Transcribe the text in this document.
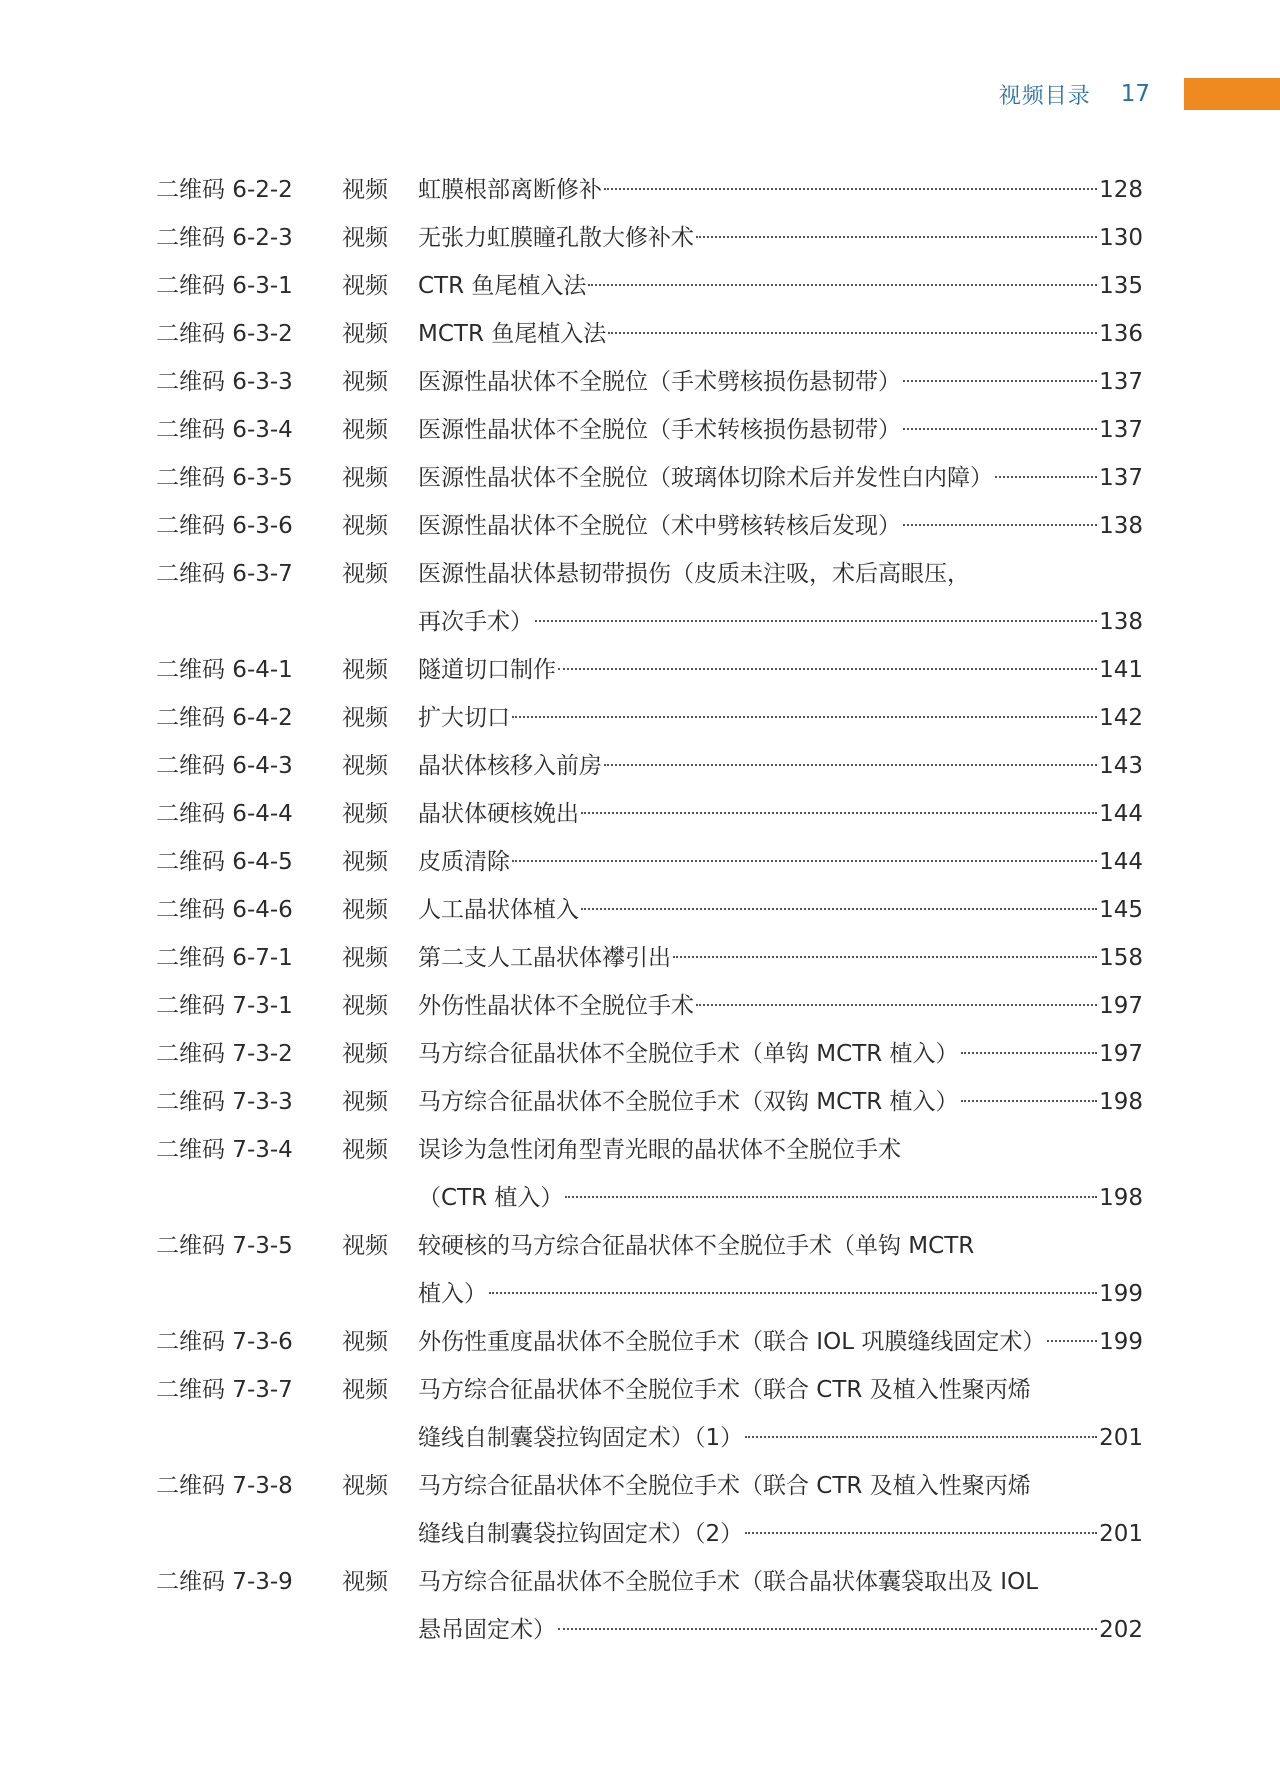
视频目录 17
二维码 6-2-2	视频	虹膜根部离断修补	128
二维码 6-2-3	视频	无张力虹膜瞳孔散大修补术	130
二维码 6-3-1	视频	CTR 鱼尾植入法	135
二维码 6-3-2	视频	MCTR 鱼尾植入法	136
二维码 6-3-3	视频	医源性晶状体不全脱位（手术劈核损伤悬韧带）	137
二维码 6-3-4	视频	医源性晶状体不全脱位（手术转核损伤悬韧带）	137
二维码 6-3-5	视频	医源性晶状体不全脱位（玻璃体切除术后并发性白内障）	137
二维码 6-3-6	视频	医源性晶状体不全脱位（术中劈核转核后发现）	138
二维码 6-3-7	视频	医源性晶状体悬韧带损伤（皮质未注吸，术后高眼压，
再次手术）	138
二维码 6-4-1	视频	隧道切口制作	141
二维码 6-4-2	视频	扩大切口	142
二维码 6-4-3	视频	晶状体核移入前房	143
二维码 6-4-4	视频	晶状体硬核娩出	144
二维码 6-4-5	视频	皮质清除	144
二维码 6-4-6	视频	人工晶状体植入	145
二维码 6-7-1	视频	第二支人工晶状体襻引出	158
二维码 7-3-1	视频	外伤性晶状体不全脱位手术	197
二维码 7-3-2	视频	马方综合征晶状体不全脱位手术（单钩 MCTR 植入）	197
二维码 7-3-3	视频	马方综合征晶状体不全脱位手术（双钩 MCTR 植入）	198
二维码 7-3-4	视频	误诊为急性闭角型青光眼的晶状体不全脱位手术
（CTR 植入）	198
二维码 7-3-5	视频	较硬核的马方综合征晶状体不全脱位手术（单钩 MCTR
植入）	199
二维码 7-3-6	视频	外伤性重度晶状体不全脱位手术（联合 IOL 巩膜缝线固定术） 199
二维码 7-3-7	视频	马方综合征晶状体不全脱位手术（联合 CTR 及植入性聚丙烯
缝线自制囊袋拉钩固定术）（1）	201
二维码 7-3-8	视频	马方综合征晶状体不全脱位手术（联合 CTR 及植入性聚丙烯
缝线自制囊袋拉钩固定术）（2）	201
二维码 7-3-9	视频	马方综合征晶状体不全脱位手术（联合晶状体囊袋取出及 IOL
悬吊固定术）	202
